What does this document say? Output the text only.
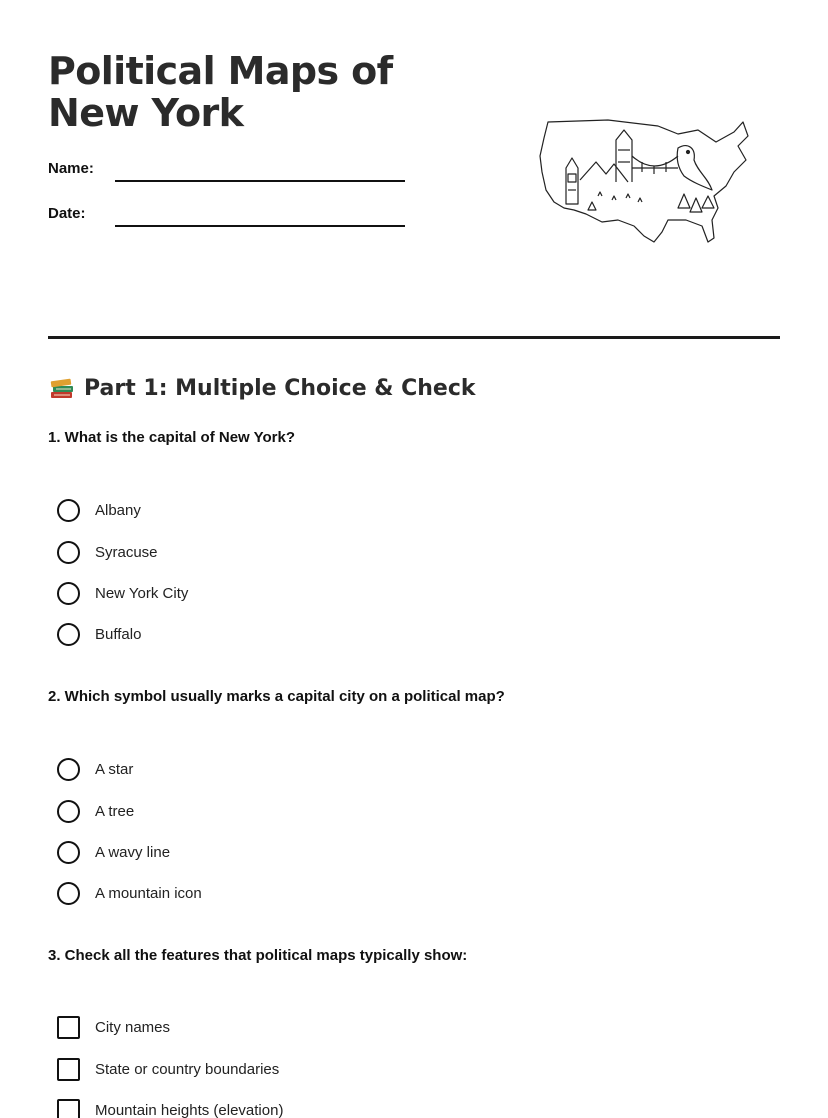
Political Maps of New York
Name:
Date:
Part 1: Multiple Choice & Check

1. What is the capital of New York?

Albany
Syracuse
New York City
Buffalo

2. Which symbol usually marks a capital city on a political map?

A star
A tree
A wavy line
A mountain icon

3. Check all the features that political maps typically show:

City names
State or country boundaries
Mountain heights (elevation)
